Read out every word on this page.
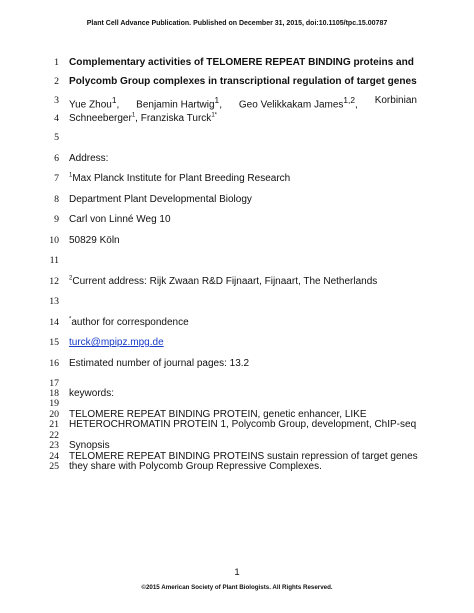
Plant Cell Advance Publication. Published on December 31, 2015, doi:10.1105/tpc.15.00787
1
2
3
4
5
6
7
8
9
10
11
12
13
14
15
16
17
18
19
20
21
22
23
24
25
Complementary activities of TELOMERE REPEAT BINDING proteins and
Polycomb Group complexes in transcriptional regulation of target genes
Yue Zhou$^1$, Benjamin Hartwig$^1$, Geo Velikkakam James$^{1,2}$, Korbinian
Schneeberger$^1$, Franziska Turck$^{1*}$
Address:
$^1$Max Planck Institute for Plant Breeding Research
Department Plant Developmental Biology
Carl von Linné Weg 10
50829 Köln
$^2$Current address: Rijk Zwaan R&D Fijnaart, Fijnaart, The Netherlands
*author for correspondence
turck@mpipz.mpg.de
Estimated number of journal pages: 13.2
keywords:
TELOMERE REPEAT BINDING PROTEIN, genetic enhancer, LIKE
HETEROCHROMATIN PROTEIN 1, Polycomb Group, development, ChIP-seq
Synopsis
TELOMERE REPEAT BINDING PROTEINS sustain repression of target genes
they share with Polycomb Group Repressive Complexes.
1
©2015 American Society of Plant Biologists. All Rights Reserved.
